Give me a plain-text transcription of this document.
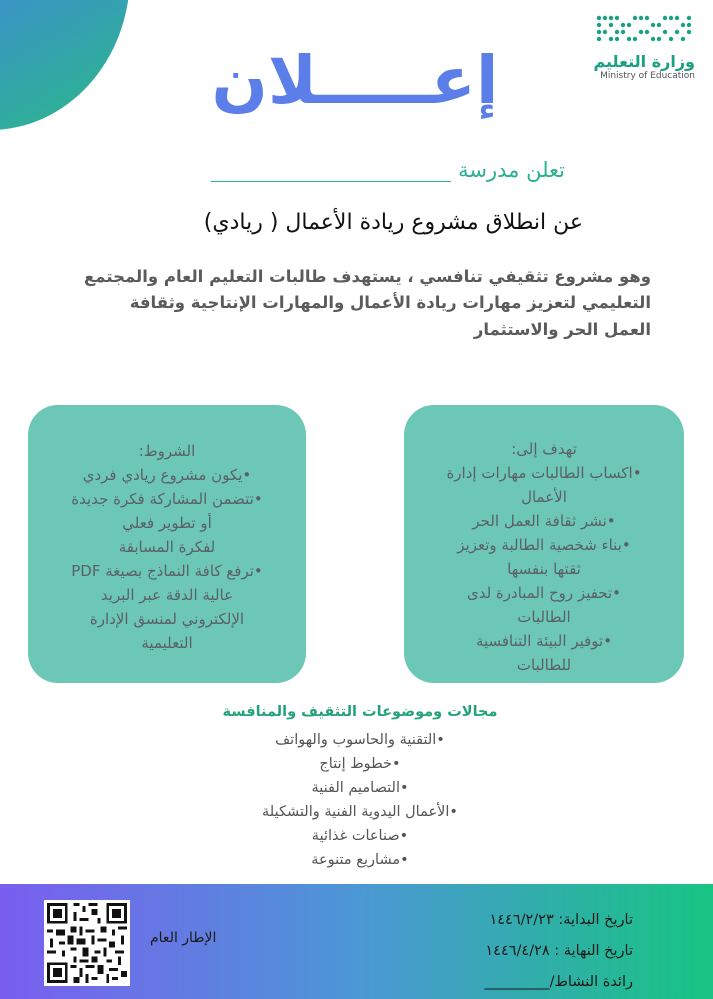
وزارة التعليم
Ministry of Education
إعـــــلان
تعلن مدرسة
عن انطلاق مشروع ريادة الأعمال ( ريادي)
وهو مشروع تثقيفي تنافسي ، يستهدف طالبات التعليم العام والمجتمع
التعليمي لتعزيز مهارات ريادة الأعمال والمهارات الإنتاجية وثقافة
العمل الحر والاستثمار
تهدف إلى:
•اكساب الطالبات مهارات إدارة
الأعمال
•نشر ثقافة العمل الحر
•بناء شخصية الطالبة وتعزيز
ثقتها بنفسها
•تحفيز روح المبادرة لدى
الطالبات
•توفير البيئة التنافسية
للطالبات
الشروط:
•يكون مشروع ريادي فردي
•تتضمن المشاركة فكرة جديدة
أو تطوير فعلي
لفكرة المسابقة
•ترفع كافة النماذج بصيغة PDF
عالية الدقة عبر البريد
الإلكتروني لمنسق الإدارة
التعليمية
مجالات وموضوعات التثقيف والمنافسة
•التقنية والحاسوب والهواتف
•خطوط إنتاج
•التصاميم الفنية
•الأعمال اليدوية الفنية والتشكيلة
•صناعات غذائية
•مشاريع متنوعة
الإطار العام
تاريخ البداية: ١٤٤٦/٢/٢٣
تاريخ النهاية : ١٤٤٦/٤/٢٨
رائدة النشاط/_________
